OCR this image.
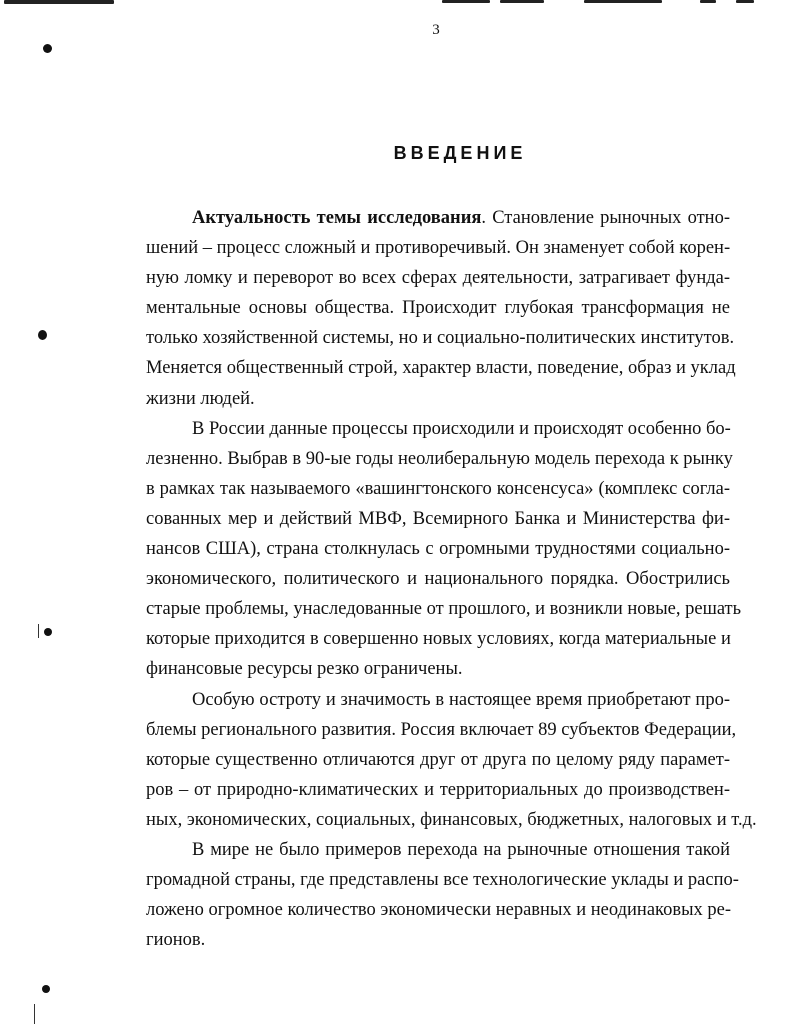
3
ВВЕДЕНИЕ
Актуальность темы исследования. Становление рыночных отно-
шений – процесс сложный и противоречивый. Он знаменует собой корен-
ную ломку и переворот во всех сферах деятельности, затрагивает фунда-
ментальные основы общества. Происходит глубокая трансформация не
только хозяйственной системы, но и социально-политических институтов.
Меняется общественный строй, характер власти, поведение, образ и уклад
жизни людей.
В России данные процессы происходили и происходят особенно бо-
лезненно. Выбрав в 90-ые годы неолиберальную модель перехода к рынку
в рамках так называемого «вашингтонского консенсуса» (комплекс согла-
сованных мер и действий МВФ, Всемирного Банка и Министерства фи-
нансов США), страна столкнулась с огромными трудностями социально-
экономического, политического и национального порядка. Обострились
старые проблемы, унаследованные от прошлого, и возникли новые, решать
которые приходится в совершенно новых условиях, когда материальные и
финансовые ресурсы резко ограничены.
Особую остроту и значимость в настоящее время приобретают про-
блемы регионального развития. Россия включает 89 субъектов Федерации,
которые существенно отличаются друг от друга по целому ряду парамет-
ров – от природно-климатических и территориальных до производствен-
ных, экономических, социальных, финансовых, бюджетных, налоговых и т.д.
В мире не было примеров перехода на рыночные отношения такой
громадной страны, где представлены все технологические уклады и распо-
ложено огромное количество экономически неравных и неодинаковых ре-
гионов.
